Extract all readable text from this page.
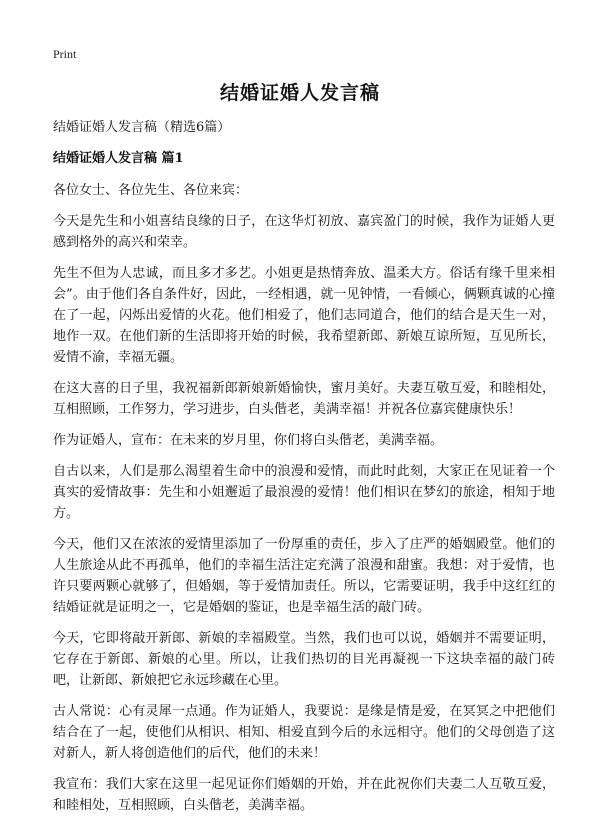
Print
结婚证婚人发言稿
结婚证婚人发言稿（精选6篇）
结婚证婚人发言稿 篇1

各位女士、各位先生、各位来宾：

今天是先生和小姐喜结良缘的日子，在这华灯初放、嘉宾盈门的时候，我作为证婚人更感到格外的高兴和荣幸。

先生不但为人忠诚，而且多才多艺。小姐更是热情奔放、温柔大方。俗话有缘千里来相会”。由于他们各自条件好，因此，一经相遇，就一见钟情，一看倾心，俩颗真诚的心撞在了一起，闪烁出爱情的火花。他们相爱了，他们志同道合，他们的结合是天生一对，地作一双。在他们新的生活即将开始的时候，我希望新郎、新娘互谅所短，互见所长，爱情不渝，幸福无疆。

在这大喜的日子里，我祝福新郎新娘新婚愉快，蜜月美好。夫妻互敬互爱，和睦相处，互相照顾，工作努力，学习进步，白头偕老，美满幸福！并祝各位嘉宾健康快乐！

作为证婚人，宣布：在未来的岁月里，你们将白头偕老，美满幸福。

自古以来，人们是那么渴望着生命中的浪漫和爱情，而此时此刻，大家正在见证着一个真实的爱情故事：先生和小姐邂逅了最浪漫的爱情！他们相识在梦幻的旅途，相知于地方。

今天，他们又在浓浓的爱情里添加了一份厚重的责任，步入了庄严的婚姻殿堂。他们的人生旅途从此不再孤单，他们的幸福生活注定充满了浪漫和甜蜜。我想：对于爱情，也许只要两颗心就够了，但婚姻，等于爱情加责任。所以，它需要证明，我手中这红红的结婚证就是证明之一，它是婚姻的鉴证，也是幸福生活的敲门砖。

今天，它即将敲开新郎、新娘的幸福殿堂。当然，我们也可以说，婚姻并不需要证明，它存在于新郎、新娘的心里。所以，让我们热切的目光再凝视一下这块幸福的敲门砖吧，让新郎、新娘把它永远珍藏在心里。

古人常说：心有灵犀一点通。作为证婚人，我要说：是缘是情是爱，在冥冥之中把他们结合在了一起，使他们从相识、相知、相爱直到今后的永远相守。他们的父母创造了这对新人，新人将创造他们的后代，他们的未来！

我宣布：我们大家在这里一起见证你们婚姻的开始，并在此祝你们夫妻二人互敬互爱，和睦相处，互相照顾，白头偕老，美满幸福。
